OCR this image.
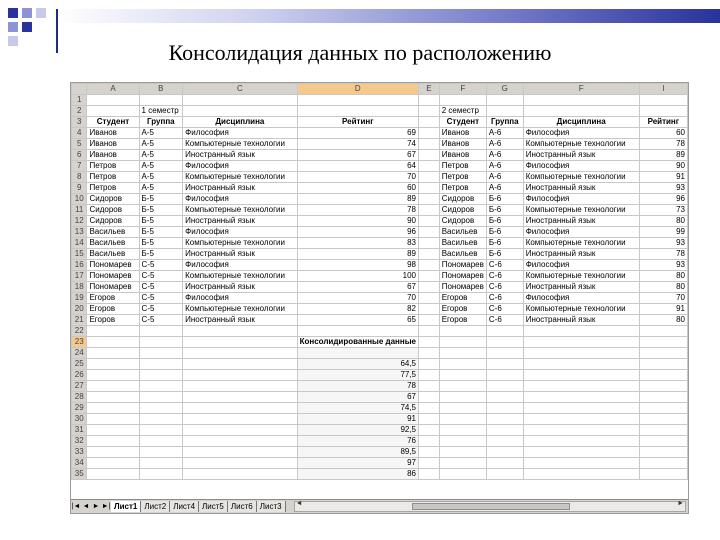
Консолидация данных по расположению
	A	B	C	D	E	F	G	F	I
1									
2		1 семестр				2 семестр			
3	Студент	Группа	Дисциплина	Рейтинг		Студент	Группа	Дисциплина	Рейтинг
4	Иванов	А-5	Философия	69		Иванов	А-6	Философия	60
5	Иванов	А-5	Компьютерные технологии	74		Иванов	А-6	Компьютерные технологии	78
6	Иванов	А-5	Иностранный язык	67		Иванов	А-6	Иностранный язык	89
7	Петров	А-5	Философия	64		Петров	А-6	Философия	90
8	Петров	А-5	Компьютерные технологии	70		Петров	А-6	Компьютерные технологии	91
9	Петров	А-5	Иностранный язык	60		Петров	А-6	Иностранный язык	93
10	Сидоров	Б-5	Философия	89		Сидоров	Б-6	Философия	96
11	Сидоров	Б-5	Компьютерные технологии	78		Сидоров	Б-6	Компьютерные технологии	73
12	Сидоров	Б-5	Иностранный язык	90		Сидоров	Б-6	Иностранный язык	80
13	Васильев	Б-5	Философия	96		Васильев	Б-6	Философия	99
14	Васильев	Б-5	Компьютерные технологии	83		Васильев	Б-6	Компьютерные технологии	93
15	Васильев	Б-5	Иностранный язык	89		Васильев	Б-6	Иностранный язык	78
16	Пономарев	С-5	Философия	98		Пономарев	С-6	Философия	93
17	Пономарев	С-5	Компьютерные технологии	100		Пономарев	С-6	Компьютерные технологии	80
18	Пономарев	С-5	Иностранный язык	67		Пономарев	С-6	Иностранный язык	80
19	Егоров	С-5	Философия	70		Егоров	С-6	Философия	70
20	Егоров	С-5	Компьютерные технологии	82		Егоров	С-6	Компьютерные технологии	91
21	Егоров	С-5	Иностранный язык	65		Егоров	С-6	Иностранный язык	80
22									
23				Консолидированные данные					
24									
25				64,5					
26				77,5					
27				78					
28				67					
29				74,5					
30				91					
31				92,5					
32				76					
33				89,5					
34				97					
35				86					
|◄ ◄ ► ►| Лист1 Лист2 Лист4 Лист5 Лист6 Лист3	◄	►
